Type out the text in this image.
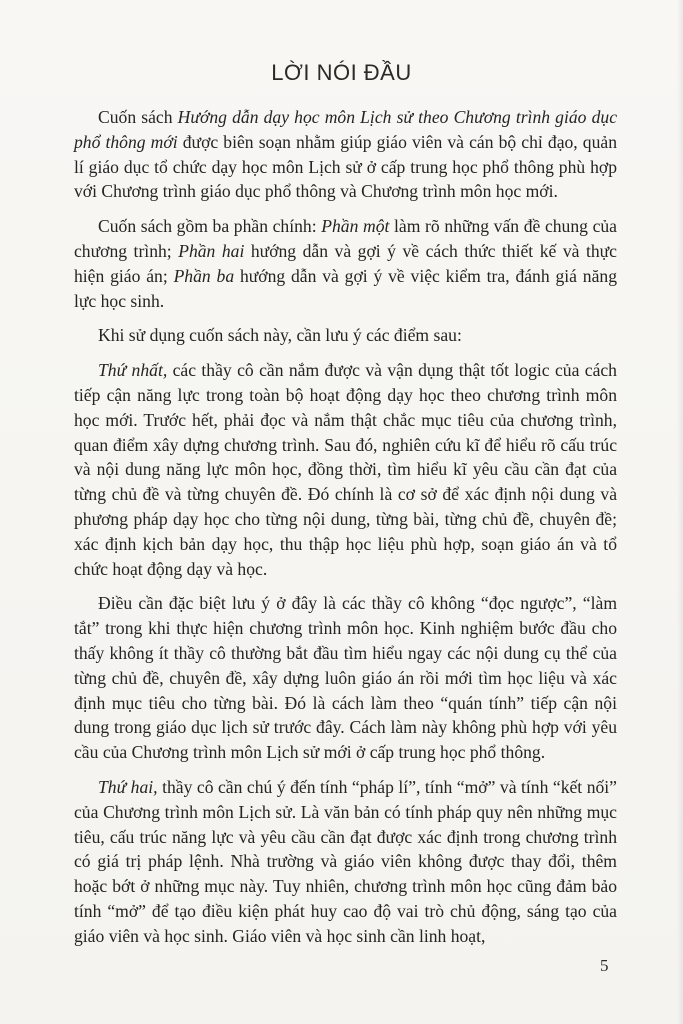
LỜI NÓI ĐẦU

Cuốn sách Hướng dẫn dạy học môn Lịch sử theo Chương trình giáo dục phổ thông mới được biên soạn nhằm giúp giáo viên và cán bộ chỉ đạo, quản lí giáo dục tổ chức dạy học môn Lịch sử ở cấp trung học phổ thông phù hợp với Chương trình giáo dục phổ thông và Chương trình môn học mới.

Cuốn sách gồm ba phần chính: Phần một làm rõ những vấn đề chung của chương trình; Phần hai hướng dẫn và gợi ý về cách thức thiết kế và thực hiện giáo án; Phần ba hướng dẫn và gợi ý về việc kiểm tra, đánh giá năng lực học sinh.

Khi sử dụng cuốn sách này, cần lưu ý các điểm sau:

Thứ nhất, các thầy cô cần nắm được và vận dụng thật tốt logic của cách tiếp cận năng lực trong toàn bộ hoạt động dạy học theo chương trình môn học mới. Trước hết, phải đọc và nắm thật chắc mục tiêu của chương trình, quan điểm xây dựng chương trình. Sau đó, nghiên cứu kĩ để hiểu rõ cấu trúc và nội dung năng lực môn học, đồng thời, tìm hiểu kĩ yêu cầu cần đạt của từng chủ đề và từng chuyên đề. Đó chính là cơ sở để xác định nội dung và phương pháp dạy học cho từng nội dung, từng bài, từng chủ đề, chuyên đề; xác định kịch bản dạy học, thu thập học liệu phù hợp, soạn giáo án và tổ chức hoạt động dạy và học.

Điều cần đặc biệt lưu ý ở đây là các thầy cô không “đọc ngược”, “làm tắt” trong khi thực hiện chương trình môn học. Kinh nghiệm bước đầu cho thấy không ít thầy cô thường bắt đầu tìm hiểu ngay các nội dung cụ thể của từng chủ đề, chuyên đề, xây dựng luôn giáo án rồi mới tìm học liệu và xác định mục tiêu cho từng bài. Đó là cách làm theo “quán tính” tiếp cận nội dung trong giáo dục lịch sử trước đây. Cách làm này không phù hợp với yêu cầu của Chương trình môn Lịch sử mới ở cấp trung học phổ thông.

Thứ hai, thầy cô cần chú ý đến tính “pháp lí”, tính “mở” và tính “kết nối” của Chương trình môn Lịch sử. Là văn bản có tính pháp quy nên những mục tiêu, cấu trúc năng lực và yêu cầu cần đạt được xác định trong chương trình có giá trị pháp lệnh. Nhà trường và giáo viên không được thay đổi, thêm hoặc bớt ở những mục này. Tuy nhiên, chương trình môn học cũng đảm bảo tính “mở” để tạo điều kiện phát huy cao độ vai trò chủ động, sáng tạo của giáo viên và học sinh. Giáo viên và học sinh cần linh hoạt,

5
